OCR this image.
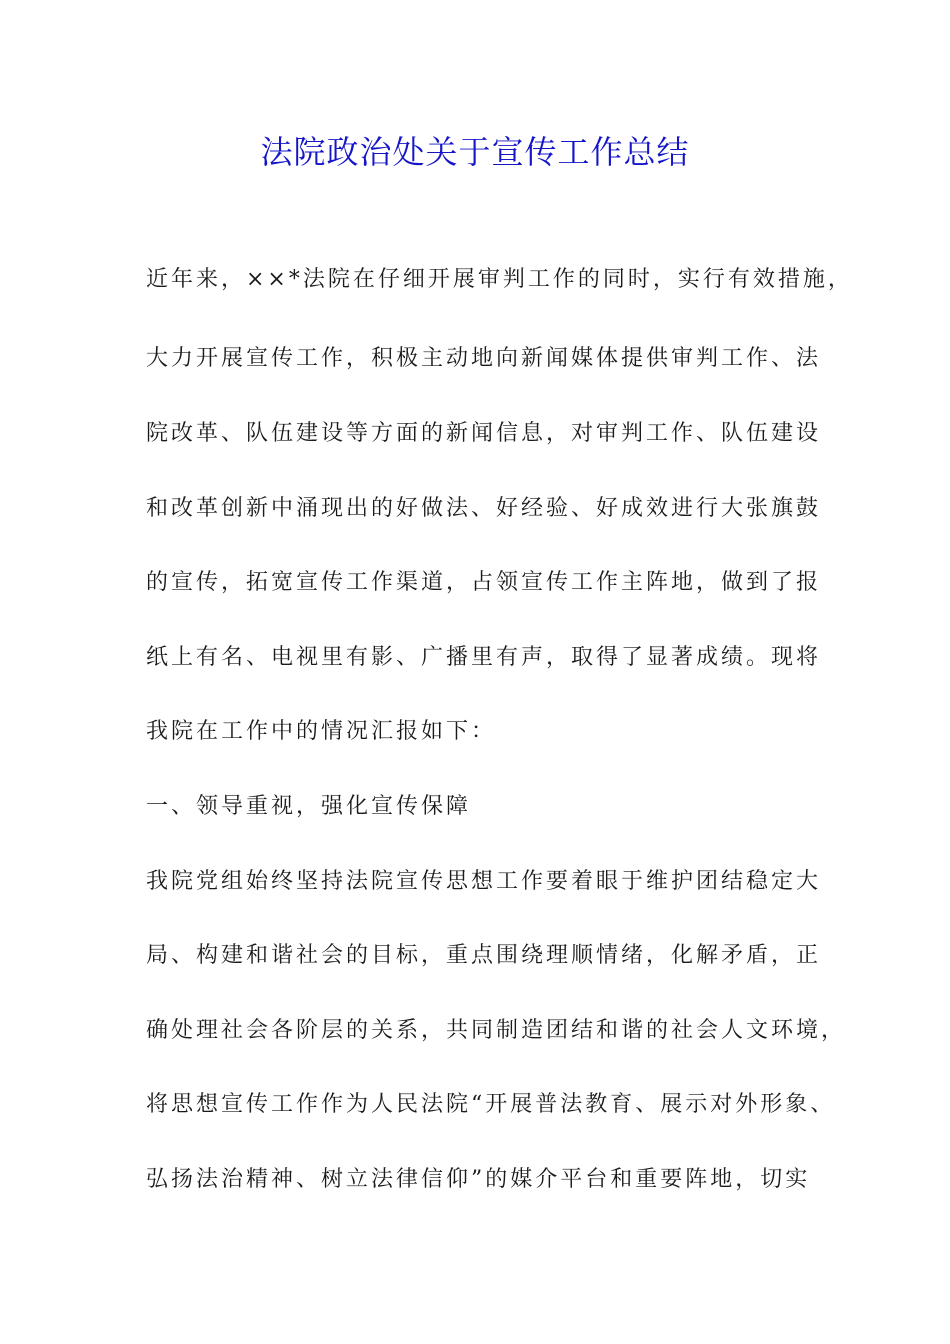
法院政治处关于宣传工作总结
近年来，××*法院在仔细开展审判工作的同时，实行有效措施，
大力开展宣传工作，积极主动地向新闻媒体提供审判工作、法
院改革、队伍建设等方面的新闻信息，对审判工作、队伍建设
和改革创新中涌现出的好做法、好经验、好成效进行大张旗鼓
的宣传，拓宽宣传工作渠道，占领宣传工作主阵地，做到了报
纸上有名、电视里有影、广播里有声，取得了显著成绩。现将
我院在工作中的情况汇报如下：
一、领导重视，强化宣传保障
我院党组始终坚持法院宣传思想工作要着眼于维护团结稳定大
局、构建和谐社会的目标，重点围绕理顺情绪，化解矛盾，正
确处理社会各阶层的关系，共同制造团结和谐的社会人文环境，
将思想宣传工作作为人民法院“开展普法教育、展示对外形象、
弘扬法治精神、树立法律信仰”的媒介平台和重要阵地，切实
